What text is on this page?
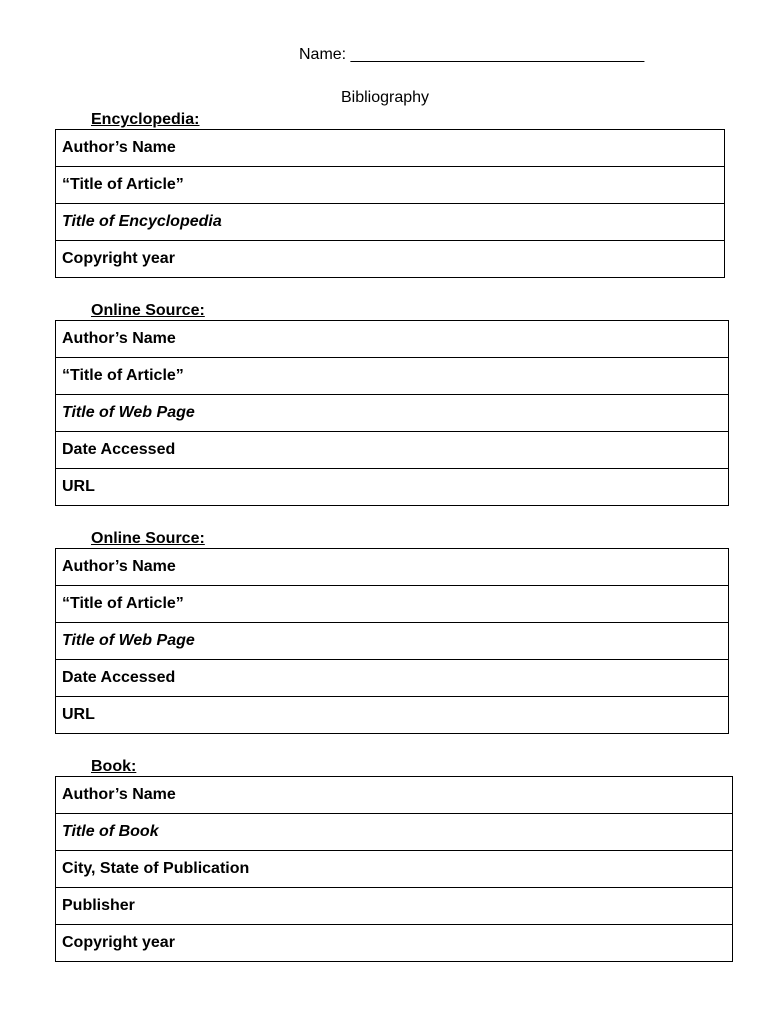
Name: _________________________________
Bibliography
Encyclopedia:
Author’s Name
“Title of Article”
Title of Encyclopedia
Copyright year
Online Source:
Author’s Name
“Title of Article”
Title of Web Page
Date Accessed
URL
Online Source:
Author’s Name
“Title of Article”
Title of Web Page
Date Accessed
URL
Book:
Author’s Name
Title of Book
City, State of Publication
Publisher
Copyright year
